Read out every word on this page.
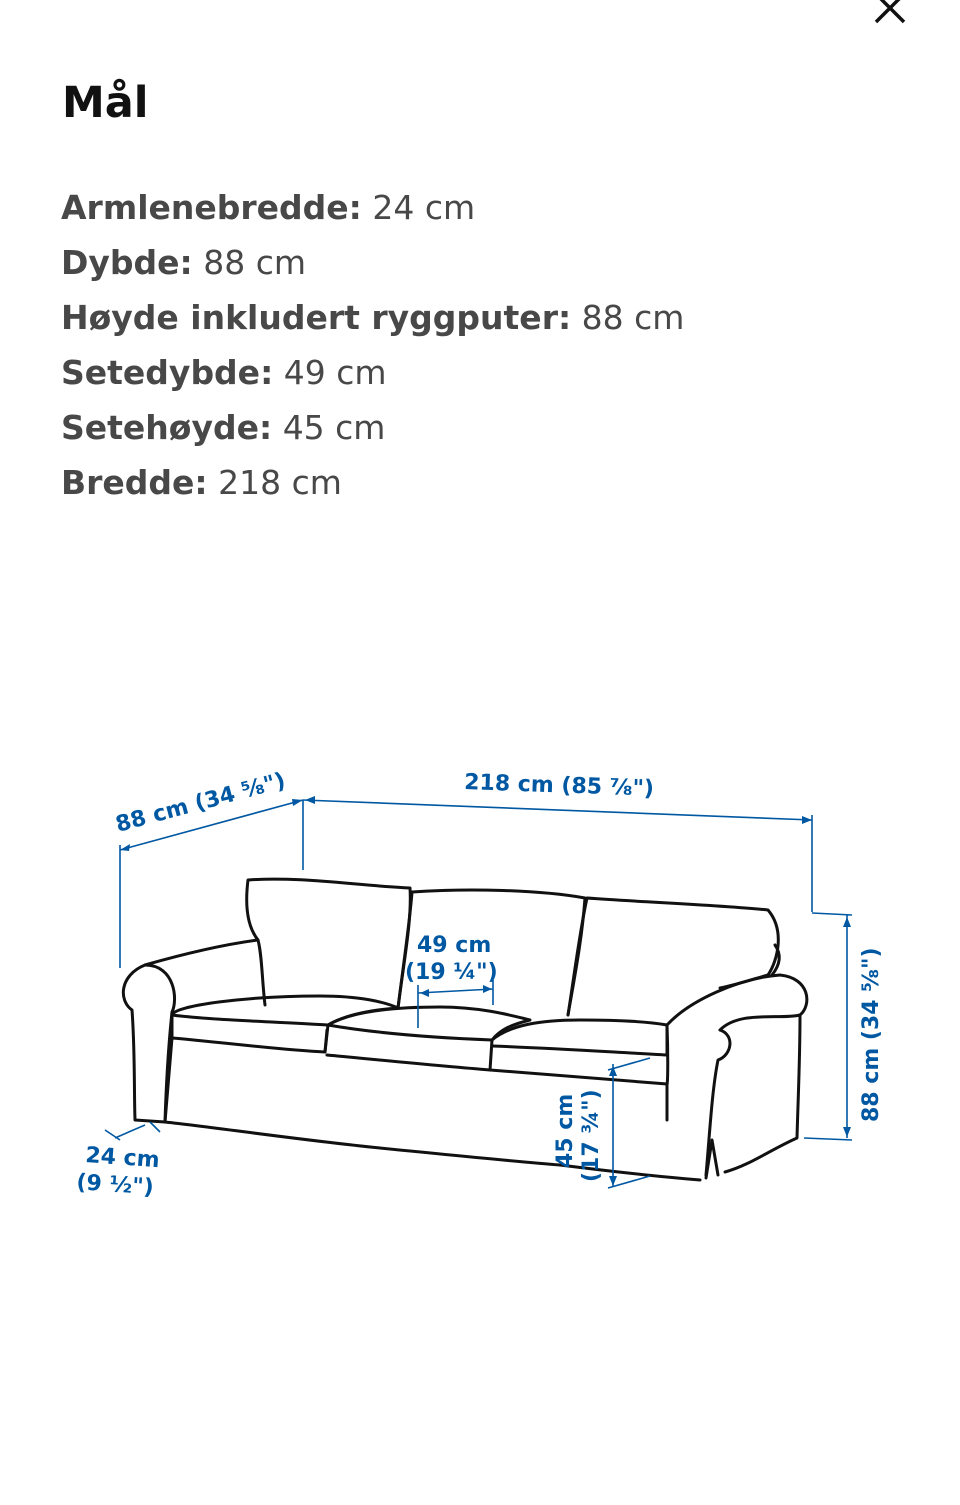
Mål
Armlenebredde: 24 cm
Dybde: 88 cm
Høyde inkludert ryggputer: 88 cm
Setedybde: 49 cm
Setehøyde: 45 cm
Bredde: 218 cm
88 cm (34 ⅝")	218 cm (85 ⅞")
49 cm
(19 ¼")	88 cm (34 ⅝")
45 cm (17 ¾")
24 cm
(9 ½")
